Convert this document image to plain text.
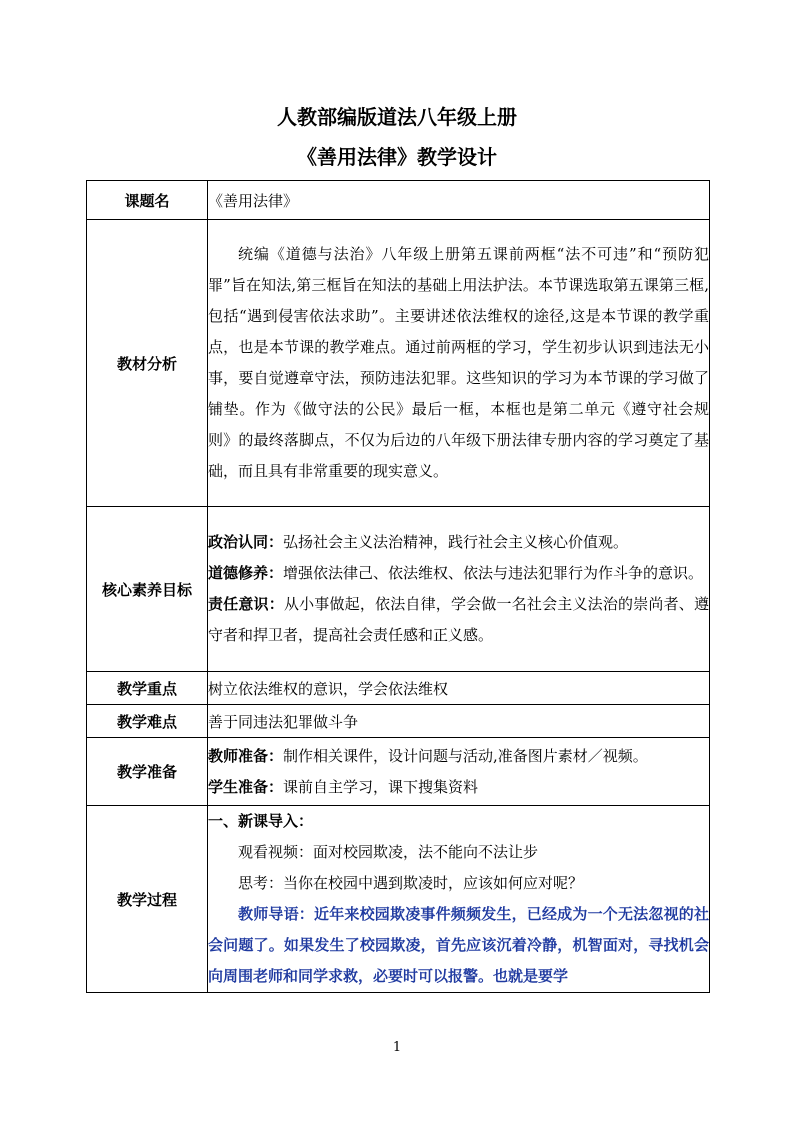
人教部编版道法八年级上册
《善用法律》教学设计
课题名	《善用法律》
教材分析	统编《道德与法治》八年级上册第五课前两框“法不可违”和“预防犯罪”旨在知法,第三框旨在知法的基础上用法护法。本节课选取第五课第三框,包括“遇到侵害依法求助”。主要讲述依法维权的途径,这是本节课的教学重点，也是本节课的教学难点。通过前两框的学习，学生初步认识到违法无小事，要自觉遵章守法，预防违法犯罪。这些知识的学习为本节课的学习做了铺垫。作为《做守法的公民》最后一框，本框也是第二单元《遵守社会规则》的最终落脚点，不仅为后边的八年级下册法律专册内容的学习奠定了基础，而且具有非常重要的现实意义。

核心素养目标	政治认同：弘扬社会主义法治精神，践行社会主义核心价值观。
道德修养：增强依法律己、依法维权、依法与违法犯罪行为作斗争的意识。
责任意识：从小事做起，依法自律，学会做一名社会主义法治的崇尚者、遵守者和捍卫者，提高社会责任感和正义感。

教学重点	树立依法维权的意识，学会依法维权
教学难点	善于同违法犯罪做斗争
教学准备	教师准备：制作相关课件，设计问题与活动,准备图片素材／视频。
学生准备：课前自主学习，课下搜集资料

教学过程	一、新课导入：
观看视频：面对校园欺凌，法不能向不法让步
思考：当你在校园中遇到欺凌时，应该如何应对呢？
教师导语：近年来校园欺凌事件频频发生，已经成为一个无法忽视的社会问题了。如果发生了校园欺凌，首先应该沉着冷静，机智面对，寻找机会向周围老师和同学求救，必要时可以报警。也就是要学
1
